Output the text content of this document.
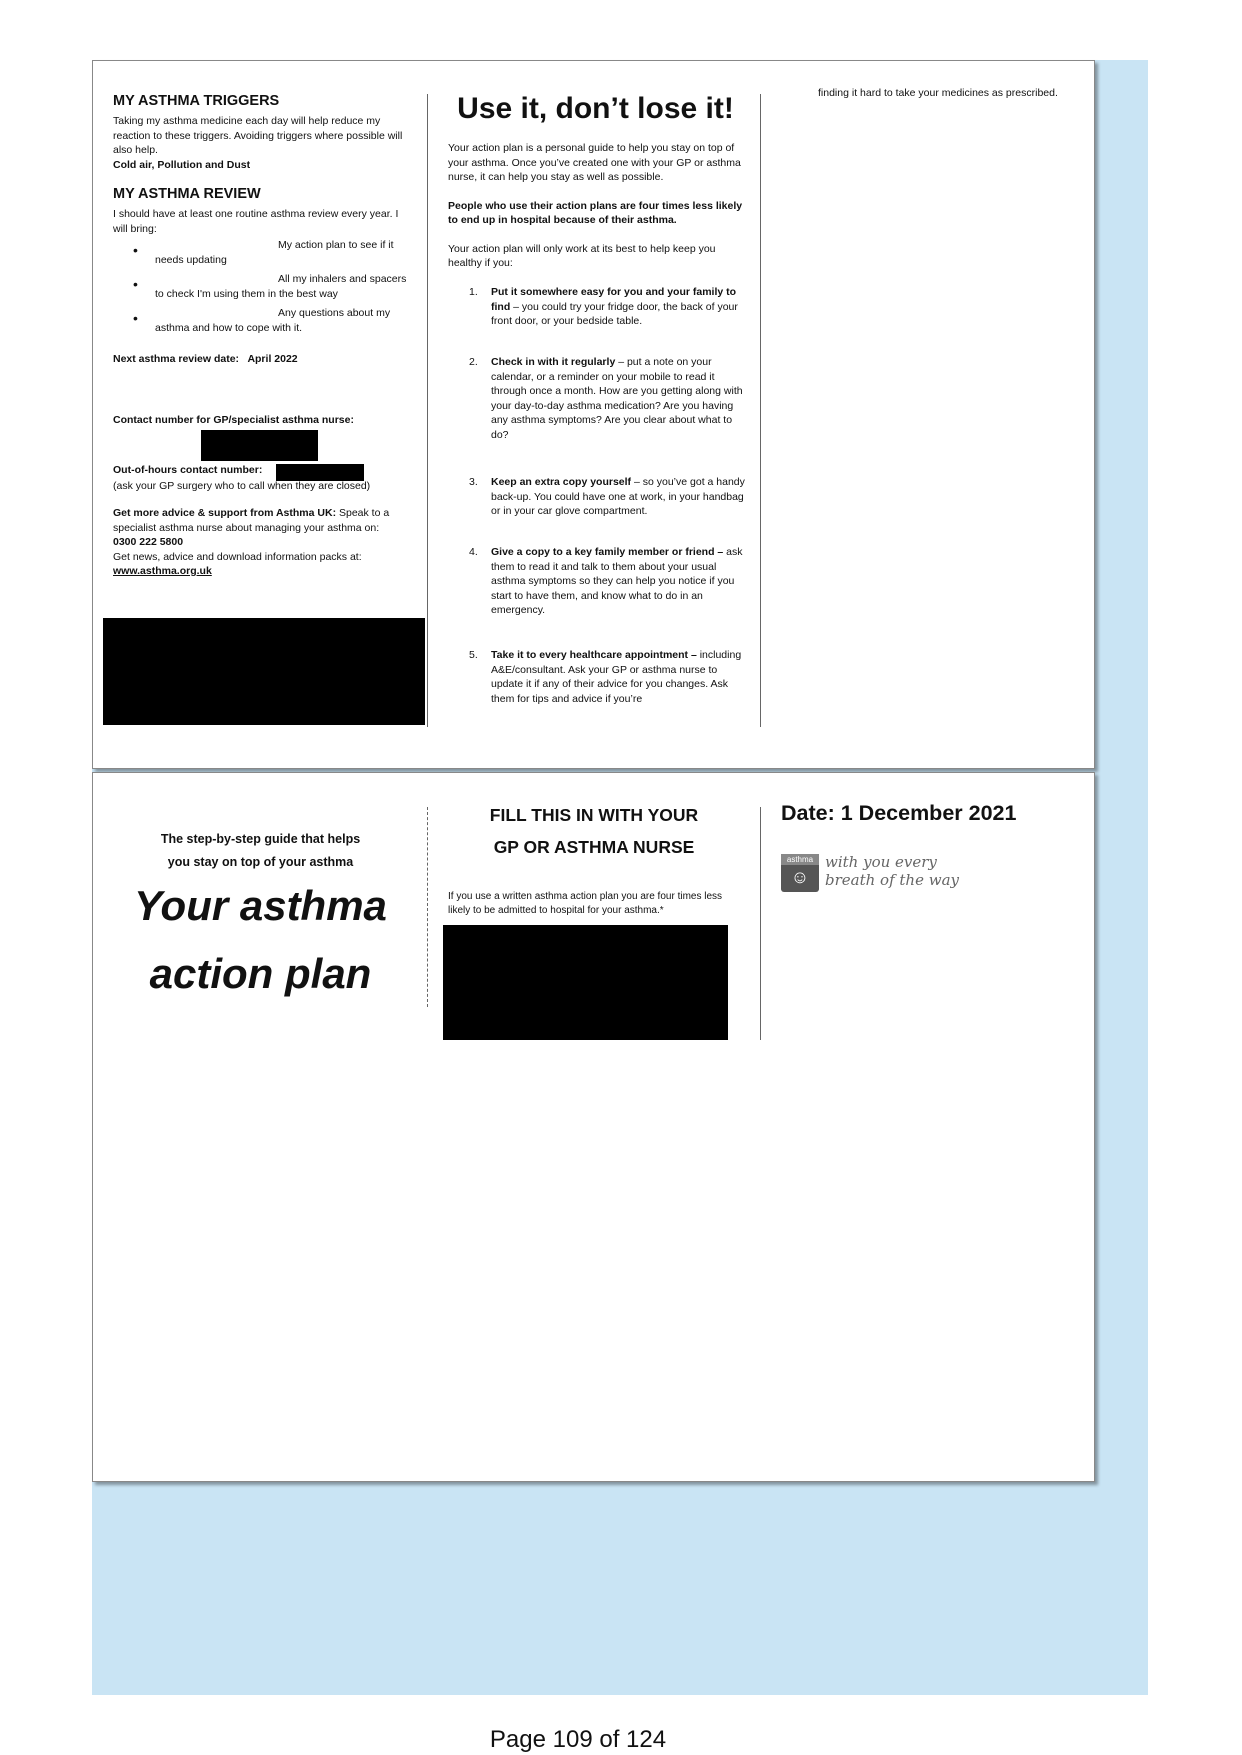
MY ASTHMA TRIGGERS
Taking my asthma medicine each day will help reduce my reaction to these triggers. Avoiding triggers where possible will also help.
Cold air, Pollution and Dust
MY ASTHMA REVIEW
I should have at least one routine asthma review every year. I will bring:
•	My action plan to see if it
needs updating
•	All my inhalers and spacers
to check I'm using them in the best way
•	Any questions about my
asthma and how to cope with it.
Next asthma review date: April 2022
Contact number for GP/specialist asthma nurse:
Out-of-hours contact number:
(ask your GP surgery who to call when they are closed)
Get more advice & support from Asthma UK: Speak to a specialist asthma nurse about managing your asthma on:
0300 222 5800
Get news, advice and download information packs at:
www.asthma.org.uk
Use it, don’t lose it!
Your action plan is a personal guide to help you stay on top of your asthma. Once you’ve created one with your GP or asthma nurse, it can help you stay as well as possible.
People who use their action plans are four times less likely to end up in hospital because of their asthma.
Your action plan will only work at its best to help keep you healthy if you:
1. Put it somewhere easy for you and your family to find – you could try your fridge door, the back of your front door, or your bedside table.
2. Check in with it regularly – put a note on your calendar, or a reminder on your mobile to read it through once a month. How are you getting along with your day-to-day asthma medication? Are you having any asthma symptoms? Are you clear about what to do?
3. Keep an extra copy yourself – so you’ve got a handy back-up. You could have one at work, in your handbag or in your car glove compartment.
4. Give a copy to a key family member or friend – ask them to read it and talk to them about your usual asthma symptoms so they can help you notice if you start to have them, and know what to do in an emergency.
5. Take it to every healthcare appointment – including A&E/consultant. Ask your GP or asthma nurse to update it if any of their advice for you changes. Ask them for tips and advice if you’re
finding it hard to take your medicines as prescribed.
The step-by-step guide that helps
you stay on top of your asthma
Your asthma
action plan
FILL THIS IN WITH YOUR
GP OR ASTHMA NURSE
If you use a written asthma action plan you are four times less likely to be admitted to hospital for your asthma.*
Date: 1 December 2021
asthma
☺
with you every
breath of the way
Page 109 of 124
